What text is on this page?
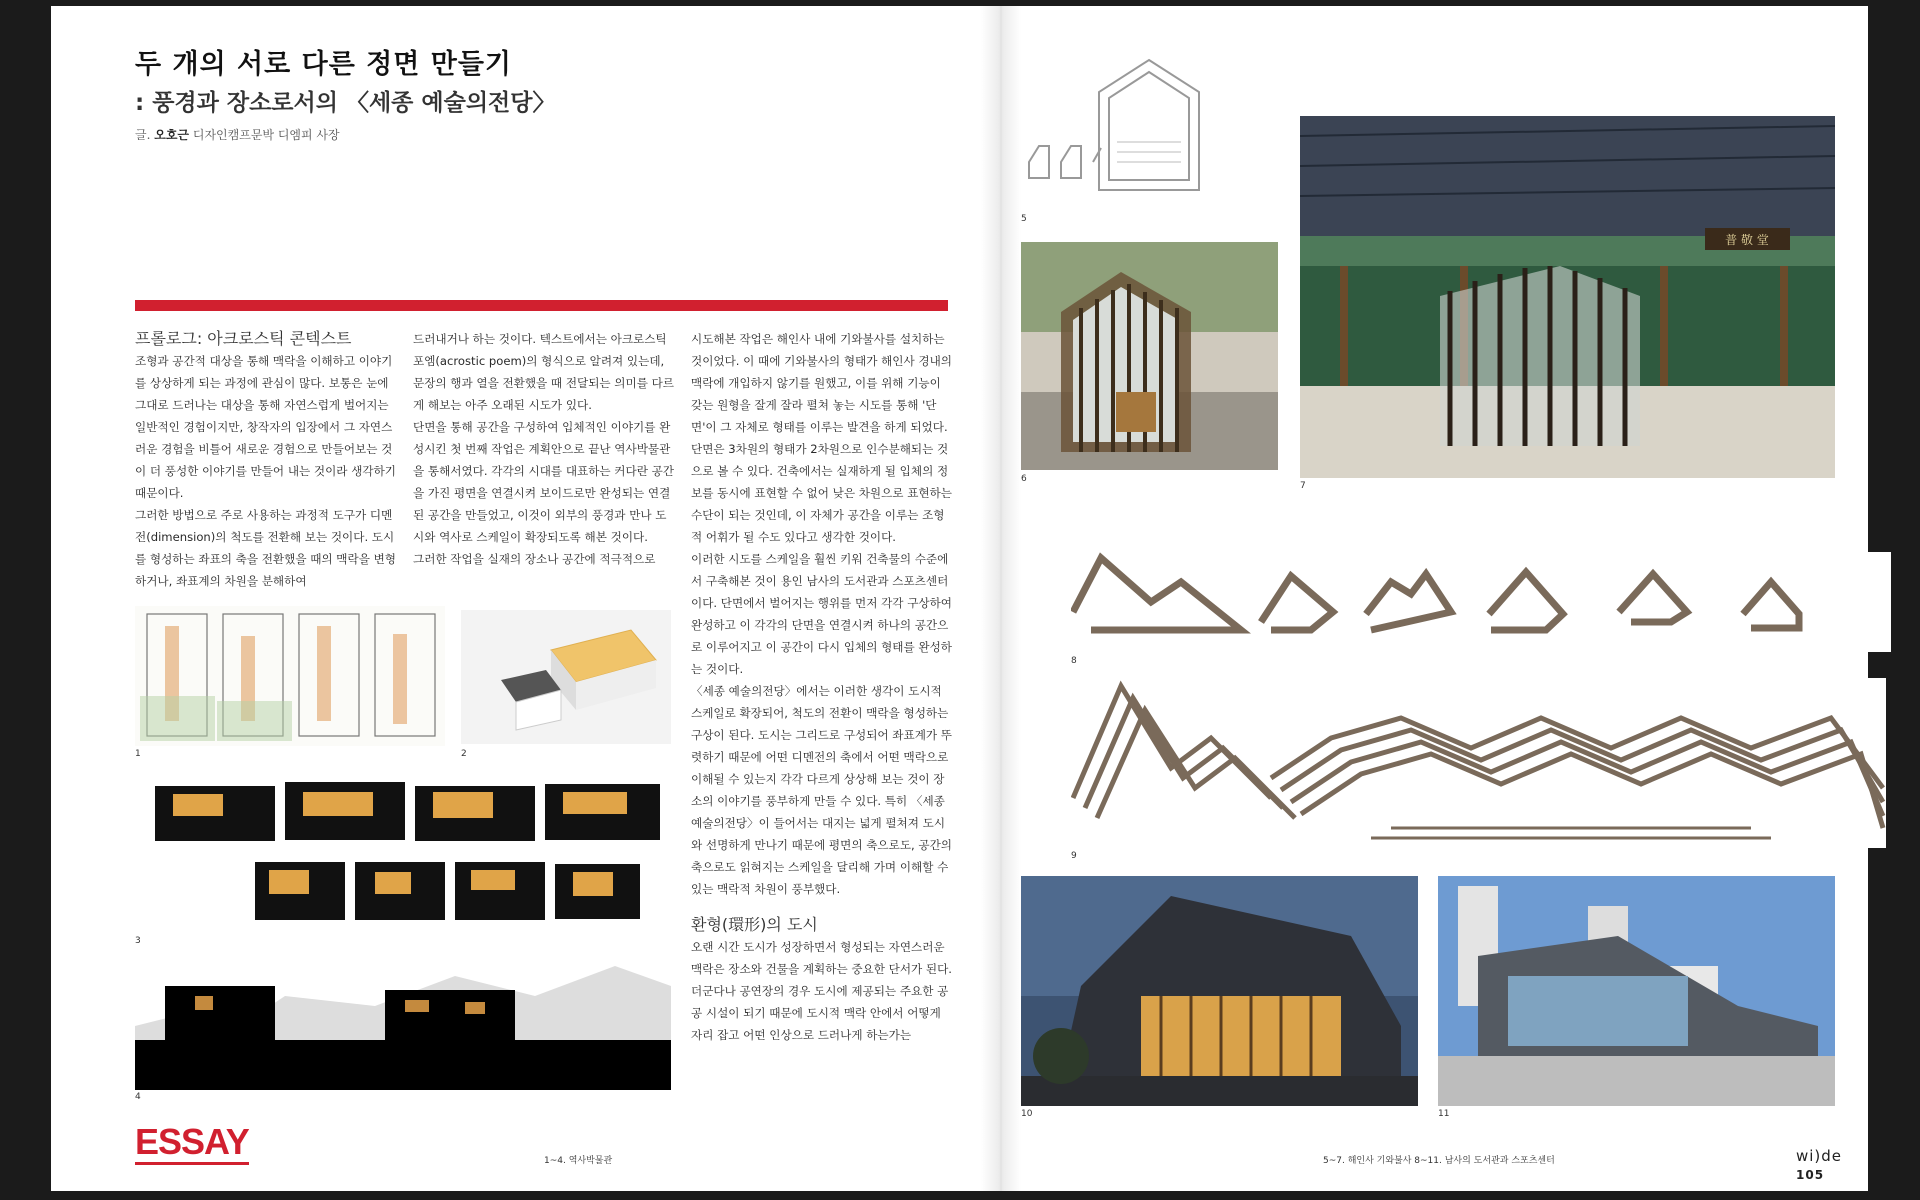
두 개의 서로 다른 정면 만들기
: 풍경과 장소로서의 〈세종 예술의전당〉
글. 오호근 디자인캠프문박 디엠피 사장
프롤로그: 아크로스틱 콘텍스트

조형과 공간적 대상을 통해 맥락을 이해하고 이야기를 상상하게 되는 과정에 관심이 많다. 보통은 눈에 그대로 드러나는 대상을 통해 자연스럽게 벌어지는 일반적인 경험이지만, 창작자의 입장에서 그 자연스러운 경험을 비틀어 새로운 경험으로 만들어보는 것이 더 풍성한 이야기를 만들어 내는 것이라 생각하기 때문이다.

그러한 방법으로 주로 사용하는 과정적 도구가 디멘전(dimension)의 척도를 전환해 보는 것이다. 도시를 형성하는 좌표의 축을 전환했을 때의 맥락을 변형하거나, 좌표계의 차원을 분해하여

드러내거나 하는 것이다. 텍스트에서는 아크로스틱 포엠(acrostic poem)의 형식으로 알려져 있는데, 문장의 행과 열을 전환했을 때 전달되는 의미를 다르게 해보는 아주 오래된 시도가 있다.

단면을 통해 공간을 구성하여 입체적인 이야기를 완성시킨 첫 번째 작업은 계획안으로 끝난 역사박물관을 통해서였다. 각각의 시대를 대표하는 커다란 공간을 가진 평면을 연결시켜 보이드로만 완성되는 연결된 공간을 만들었고, 이것이 외부의 풍경과 만나 도시와 역사로 스케일이 확장되도록 해본 것이다.

그러한 작업을 실재의 장소나 공간에 적극적으로

시도해본 작업은 해인사 내에 기와불사를 설치하는 것이었다. 이 때에 기와불사의 형태가 해인사 경내의 맥락에 개입하지 않기를 원했고, 이를 위해 기능이 갖는 원형을 잘게 잘라 펼쳐 놓는 시도를 통해 '단면'이 그 자체로 형태를 이루는 발견을 하게 되었다. 단면은 3차원의 형태가 2차원으로 인수분해되는 것으로 볼 수 있다. 건축에서는 실재하게 될 입체의 정보를 동시에 표현할 수 없어 낮은 차원으로 표현하는 수단이 되는 것인데, 이 자체가 공간을 이루는 조형적 어휘가 될 수도 있다고 생각한 것이다.

이러한 시도를 스케일을 훨씬 키워 건축물의 수준에서 구축해본 것이 용인 남사의 도서관과 스포츠센터이다. 단면에서 벌어지는 행위를 먼저 각각 구상하여 완성하고 이 각각의 단면을 연결시켜 하나의 공간으로 이루어지고 이 공간이 다시 입체의 형태를 완성하는 것이다.

〈세종 예술의전당〉에서는 이러한 생각이 도시적 스케일로 확장되어, 척도의 전환이 맥락을 형성하는 구상이 된다. 도시는 그리드로 구성되어 좌표계가 뚜렷하기 때문에 어떤 디멘전의 축에서 어떤 맥락으로 이해될 수 있는지 각각 다르게 상상해 보는 것이 장소의 이야기를 풍부하게 만들 수 있다. 특히 〈세종 예술의전당〉이 들어서는 대지는 넓게 펼쳐져 도시와 선명하게 만나기 때문에 평면의 축으로도, 공간의 축으로도 읽혀지는 스케일을 달리해 가며 이해할 수 있는 맥락적 차원이 풍부했다.

환형(環形)의 도시

오랜 시간 도시가 성장하면서 형성되는 자연스러운 맥락은 장소와 건물을 계획하는 중요한 단서가 된다. 더군다나 공연장의 경우 도시에 제공되는 주요한 공공 시설이 되기 때문에 도시적 맥락 안에서 어떻게 자리 잡고 어떤 인상으로 드러나게 하는가는

1	2
3
4
ESSAY	1~4. 역사박물관
5
6
普 敬 堂
7
8
9
10	11
5~7. 해인사 기와불사 8~11. 남사의 도서관과 스포츠센터	wi)de 105
